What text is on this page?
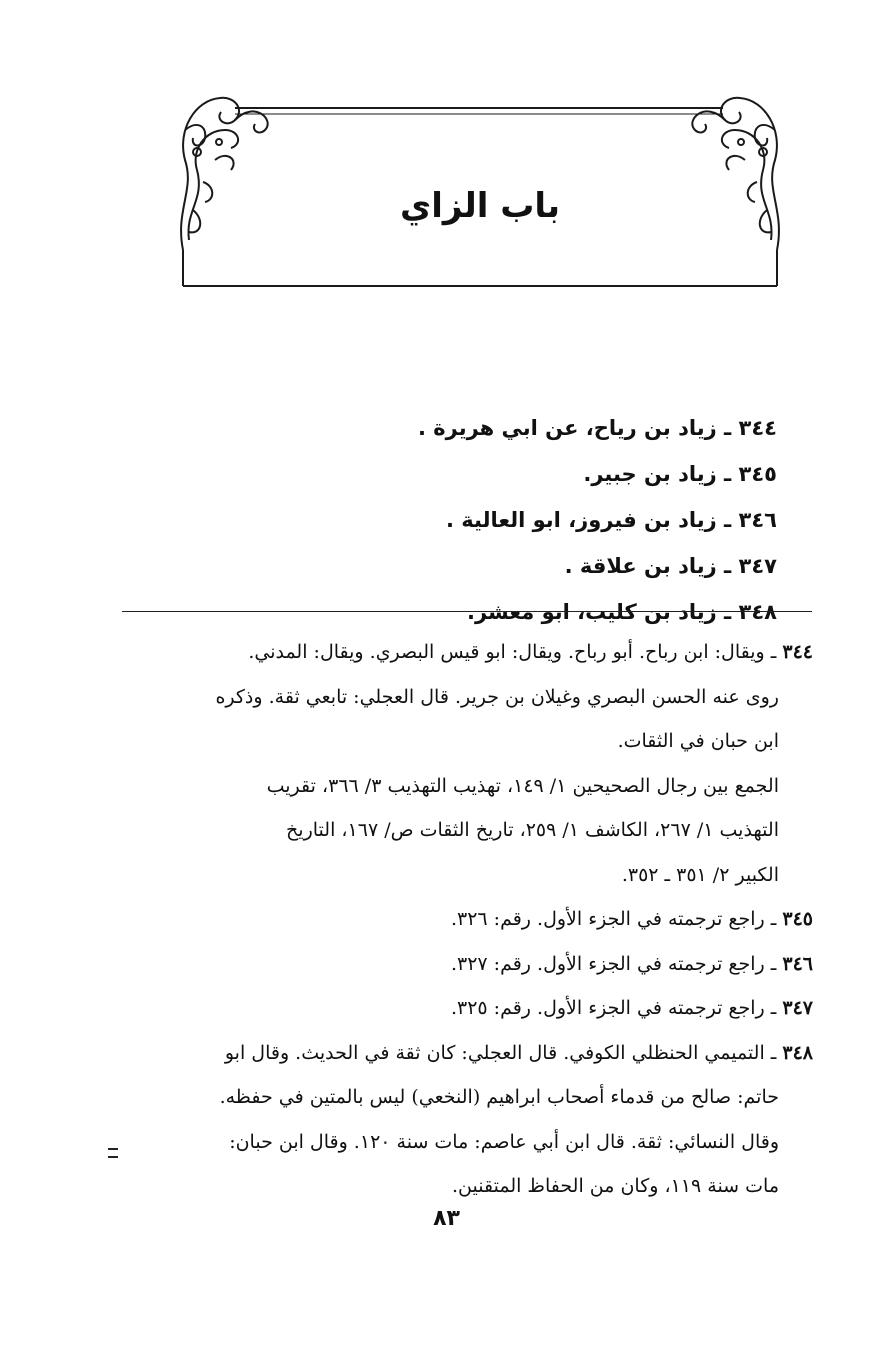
باب الزاي
٣٤٤ ـ زياد بن رياح، عن ابي هريرة .
٣٤٥ ـ زياد بن جبير.
٣٤٦ ـ زياد بن فيروز، ابو العالية .
٣٤٧ ـ زياد بن علاقة .
٣٤٨ ـ زياد بن كليب، ابو معشر.

٣٤٤ ـ ويقال: ابن رباح. أبو رباح. ويقال: ابو قيس البصري. ويقال: المدني.

روى عنه الحسن البصري وغيلان بن جرير. قال العجلي: تابعي ثقة. وذكره

ابن حبان في الثقات.

الجمع بين رجال الصحيحين ١/ ١٤٩، تهذيب التهذيب ٣/ ٣٦٦، تقريب

التهذيب ١/ ٢٦٧، الكاشف ١/ ٢٥٩، تاريخ الثقات ص/ ١٦٧، التاريخ

الكبير ٢/ ٣٥١ ـ ٣٥٢.

٣٤٥ ـ راجع ترجمته في الجزء الأول. رقم: ٣٢٦.

٣٤٦ ـ راجع ترجمته في الجزء الأول. رقم: ٣٢٧.

٣٤٧ ـ راجع ترجمته في الجزء الأول. رقم: ٣٢٥.

٣٤٨ ـ التميمي الحنظلي الكوفي. قال العجلي: كان ثقة في الحديث. وقال ابو

حاتم: صالح من قدماء أصحاب ابراهيم (النخعي) ليس بالمتين في حفظه.

وقال النسائي: ثقة. قال ابن أبي عاصم: مات سنة ١٢٠. وقال ابن حبان:

مات سنة ١١٩، وكان من الحفاظ المتقنين.

٨٣
